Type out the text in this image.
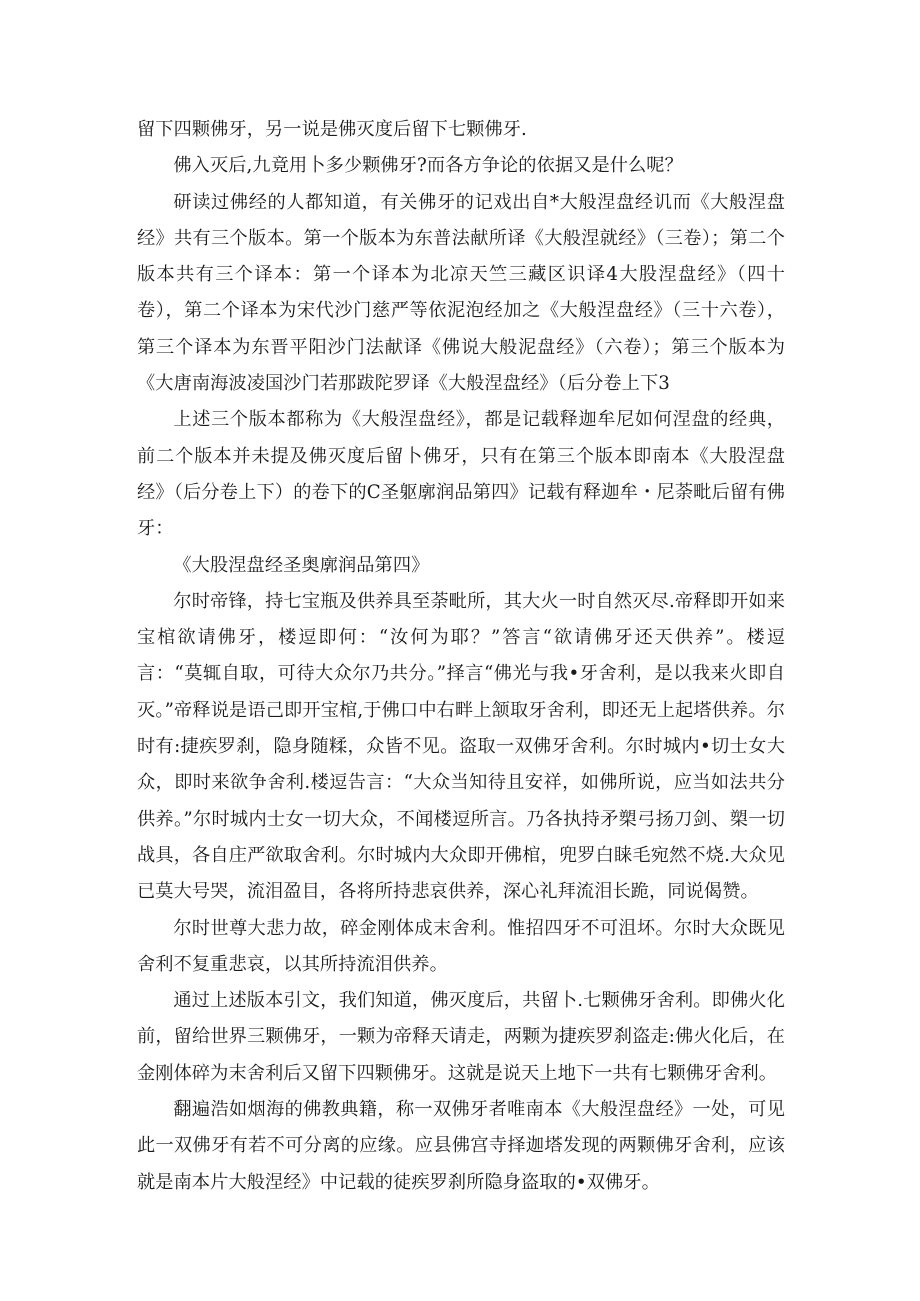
留下四颗佛牙，另一说是佛灭度后留下七颗佛牙.

佛入灭后,九竟用卜多少颗佛牙?而各方争论的依据又是什么呢？

研读过佛经的人都知道，有关佛牙的记戏出自*大般涅盘经讥而《大般涅盘经》共有三个版本。第一个版本为东普法献所译《大般涅就经》（三卷）；第二个版本共有三个译本：第一个译本为北凉天竺三藏区识译4大股涅盘经》（四十卷），第二个译本为宋代沙门慈严等依泥泡经加之《大般涅盘经》（三十六卷），第三个译本为东晋平阳沙门法献译《佛说大般泥盘经》（六卷）；第三个版本为《大唐南海波凌国沙门若那跋陀罗译《大般涅盘经》（后分卷上下3

上述三个版本都称为《大般涅盘经》，都是记载释迦牟尼如何涅盘的经典，前二个版本并未提及佛灭度后留卜佛牙，只有在第三个版本即南本《大股涅盘经》（后分卷上下）的卷下的C圣躯廓润品第四》记载有释迦牟・尼荼毗后留有佛牙：

《大股涅盘经圣奥廓润品第四》

尔时帝锋，持七宝瓶及供养具至荼毗所，其大火一时自然灭尽.帝释即开如来宝棺欲请佛牙，楼逗即何：“汝何为耶？”答言“欲请佛牙还天供养”。楼逗言：“莫辄自取，可待大众尔乃共分。”择言“佛光与我•牙舍利，是以我来火即自灭。”帝释说是语己即开宝棺,于佛口中右畔上颔取牙舍利，即还无上起塔供养。尔时有:捷疾罗刹，隐身随糅，众皆不见。盗取一双佛牙舍利。尔时城内•切士女大众，即时来欲争舍利.楼逗告言：“大众当知待且安祥，如佛所说，应当如法共分供养。”尔时城内士女一切大众，不闻楼逗所言。乃各执持矛槊弓扬刀剑、槊一切战具，各自庄严欲取舍利。尔时城内大众即开佛棺，兜罗白睐毛宛然不烧.大众见已莫大号哭，流泪盈目，各将所持悲哀供养，深心礼拜流泪长跪，同说偈赞。

尔时世尊大悲力故，碎金刚体成末舍利。惟招四牙不可沮坏。尔时大众既见舍利不复重悲哀，以其所持流泪供养。

通过上述版本引文，我们知道，佛灭度后，共留卜.七颗佛牙舍利。即佛火化前，留给世界三颗佛牙，一颗为帝释天请走，两颗为捷疾罗刹盗走:佛火化后，在金刚体碎为末舍利后又留下四颗佛牙。这就是说天上地下一共有七颗佛牙舍利。

翻遍浩如烟海的佛教典籍，称一双佛牙者唯南本《大般涅盘经》一处，可见此一双佛牙有若不可分离的应缘。应县佛宫寺择迦塔发现的两颗佛牙舍利，应该就是南本片大般涅经》中记载的徒疾罗刹所隐身盗取的•双佛牙。
